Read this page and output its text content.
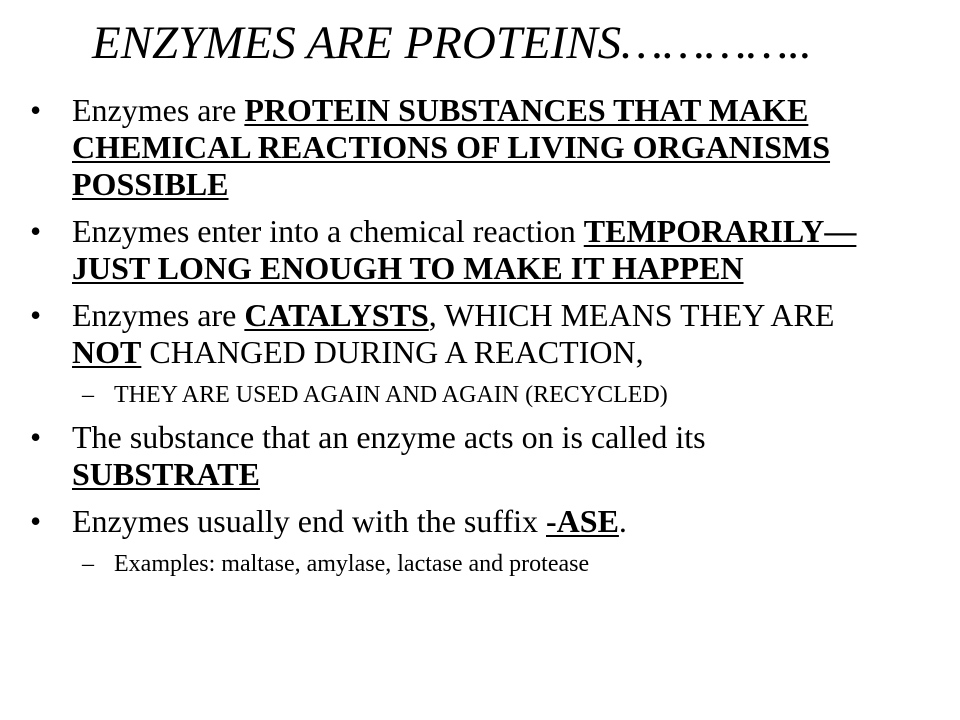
ENZYMES ARE PROTEINS…………..
• Enzymes are PROTEIN SUBSTANCES THAT MAKE CHEMICAL REACTIONS OF LIVING ORGANISMS POSSIBLE
• Enzymes enter into a chemical reaction TEMPORARILY—JUST LONG ENOUGH TO MAKE IT HAPPEN
• Enzymes are CATALYSTS, WHICH MEANS THEY ARE NOT CHANGED DURING A REACTION,
– THEY ARE USED AGAIN AND AGAIN (RECYCLED)
• The substance that an enzyme acts on is called its SUBSTRATE
• Enzymes usually end with the suffix -ASE.
– Examples: maltase, amylase, lactase and protease
